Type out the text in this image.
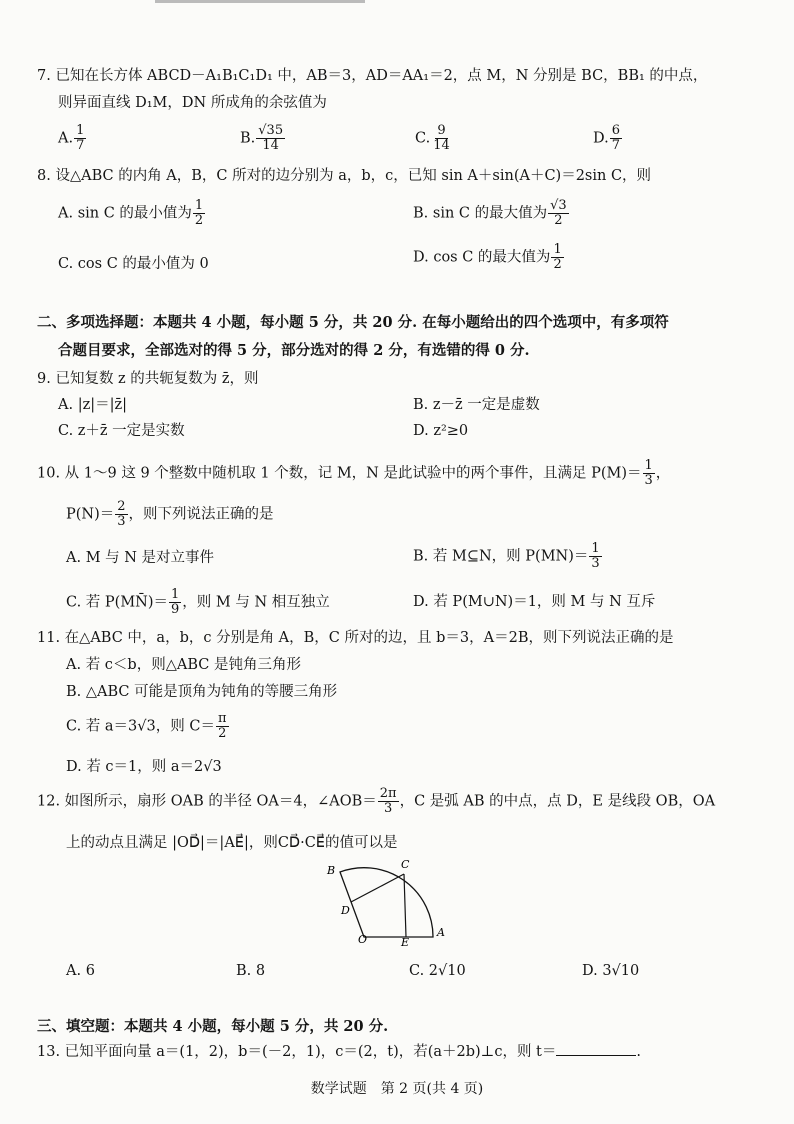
7. 已知在长方体 ABCD－A₁B₁C₁D₁ 中，AB＝3，AD＝AA₁＝2，点 M，N 分别是 BC，BB₁ 的中点，
则异面直线 D₁M，DN 所成角的余弦值为
A. $\frac{1}{7}$	B. $\frac{√35}{14}$	C. $\frac{9}{14}$	D. $\frac{6}{7}$
8. 设△ABC 的内角 A，B，C 所对的边分别为 a，b，c，已知 sin A＋sin(A＋C)＝2sin C，则
A. sin C 的最小值为 $\frac{1}{2}$	B. sin C 的最大值为 $\frac{√3}{2}$
C. cos C 的最小值为 0	D. cos C 的最大值为 $\frac{1}{2}$
二、多项选择题：本题共 4 小题，每小题 5 分，共 20 分. 在每小题给出的四个选项中，有多项符
合题目要求，全部选对的得 5 分，部分选对的得 2 分，有选错的得 0 分.
9. 已知复数 z 的共轭复数为 z̄，则
A. |z|＝|z̄|	B. z－z̄ 一定是虚数
C. z＋z̄ 一定是实数	D. z²≥0
10. 从 1～9 这 9 个整数中随机取 1 个数，记 M，N 是此试验中的两个事件，且满足 $P(M)= \frac{1}{3}$ ，
$P(N)= \frac{2}{3}$ ，则下列说法正确的是
A. M 与 N 是对立事件	B. 若 M⊆N，则 $P(MN)= \frac{1}{3}$
C. 若 P(MN̄)＝ $\frac{1}{9}$ ，则 M 与 N 相互独立	D. 若 P(M∪N)＝1，则 M 与 N 互斥
11. 在△ABC 中，a，b，c 分别是角 A，B，C 所对的边，且 b＝3，A＝2B，则下列说法正确的是
A. 若 c＜b，则△ABC 是钝角三角形
B. △ABC 可能是顶角为钝角的等腰三角形
C. 若 a＝3√3，则 $C= \frac{\pi}{2}$
D. 若 c＝1，则 a＝2√3
12. 如图所示，扇形 OAB 的半径 OA＝4，∠AOB＝ $\frac{2\pi}{3}$ ，C 是弧 AB 的中点，点 D，E 是线段 OB，OA
上的动点且满足 |OD⃗|＝|AE⃗|，则CD⃗·CE⃗的值可以是
B	C
D
O	E
A
A. 6	B. 8	C. 2√10	D. 3√10
三、填空题：本题共 4 小题，每小题 5 分，共 20 分.
13. 已知平面向量 a＝(1，2)，b＝(－2，1)，c＝(2，t)，若(a＋2b)⊥c，则 t＝	.
数学试题　第 2 页(共 4 页)
